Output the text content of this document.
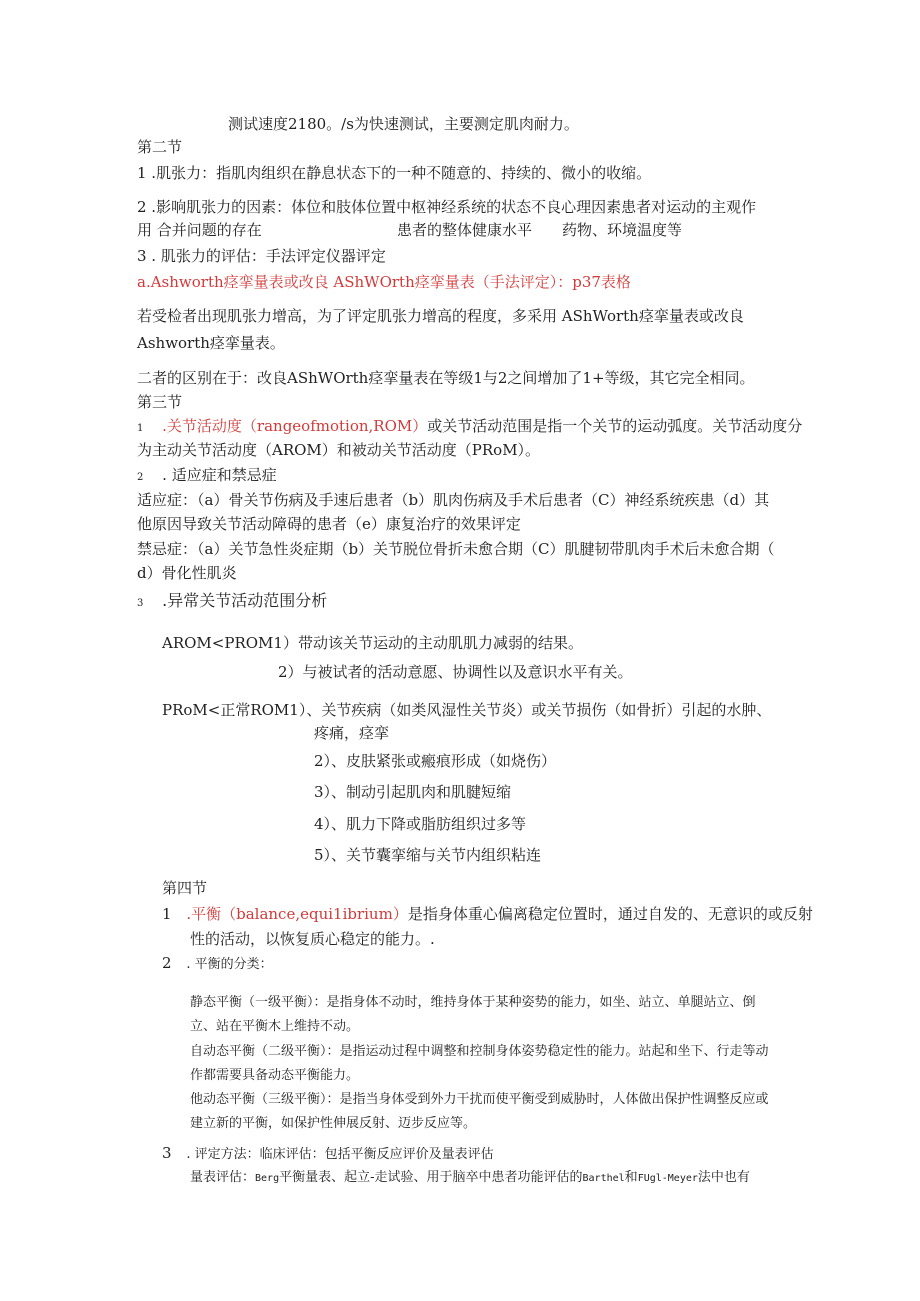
测试速度2180。/s为快速测试，主要测定肌肉耐力。
第二节
1 .肌张力：指肌肉组织在静息状态下的一种不随意的、持续的、微小的收缩。
2 .影响肌张力的因素：体位和肢体位置中枢神经系统的状态不良心理因素患者对运动的主观作
用 合并问题的存在	患者的整体健康水平 药物、环境温度等
3 . 肌张力的评估：手法评定仪器评定
a.Ashworth痉挛量表或改良 AShWOrth痉挛量表（手法评定）：p37表格
若受检者出现肌张力增高，为了评定肌张力增高的程度，多采用 AShWorth痉挛量表或改良
Ashworth痉挛量表。
二者的区别在于：改良AShWOrth痉挛量表在等级1与2之间增加了1+等级，其它完全相同。
第三节
1 .关节活动度（rangeofmotion,ROM）或关节活动范围是指一个关节的运动弧度。关节活动度分
为主动关节活动度（AROM）和被动关节活动度（PRoM）。
2 . 适应症和禁忌症
适应症：（a）骨关节伤病及手速后患者（b）肌肉伤病及手术后患者（C）神经系统疾患（d）其
他原因导致关节活动障碍的患者（e）康复治疗的效果评定
禁忌症：（a）关节急性炎症期（b）关节脱位骨折未愈合期（C）肌腱韧带肌肉手术后未愈合期（
d）骨化性肌炎
3 .异常关节活动范围分析
AROM<PROM1）带动该关节运动的主动肌肌力减弱的结果。
2）与被试者的活动意愿、协调性以及意识水平有关。
PRoM<正常ROM1）、关节疾病（如类风湿性关节炎）或关节损伤（如骨折）引起的水肿、
疼痛，痉挛
2）、皮肤紧张或瘢痕形成（如烧伤）
3）、制动引起肌肉和肌腱短缩
4）、肌力下降或脂肪组织过多等
5）、关节囊挛缩与关节内组织粘连
第四节
1 .平衡（balance,equi1ibrium）是指身体重心偏离稳定位置时，通过自发的、无意识的或反射
性的活动，以恢复质心稳定的能力。.
2 . 平衡的分类：
静态平衡（一级平衡）：是指身体不动时，维持身体于某种姿势的能力，如坐、站立、单腿站立、倒
立、站在平衡木上维持不动。
自动态平衡（二级平衡）：是指运动过程中调整和控制身体姿势稳定性的能力。站起和坐下、行走等动
作都需要具备动态平衡能力。
他动态平衡（三级平衡）：是指当身体受到外力干扰而使平衡受到威胁时，人体做出保护性调整反应或
建立新的平衡，如保护性伸展反射、迈步反应等。
3 . 评定方法：临床评估：包括平衡反应评价及量表评估
量表评估：Berg平衡量表、起立-走试验、用于脑卒中患者功能评估的Barthel和FUgl-Meyer法中也有
